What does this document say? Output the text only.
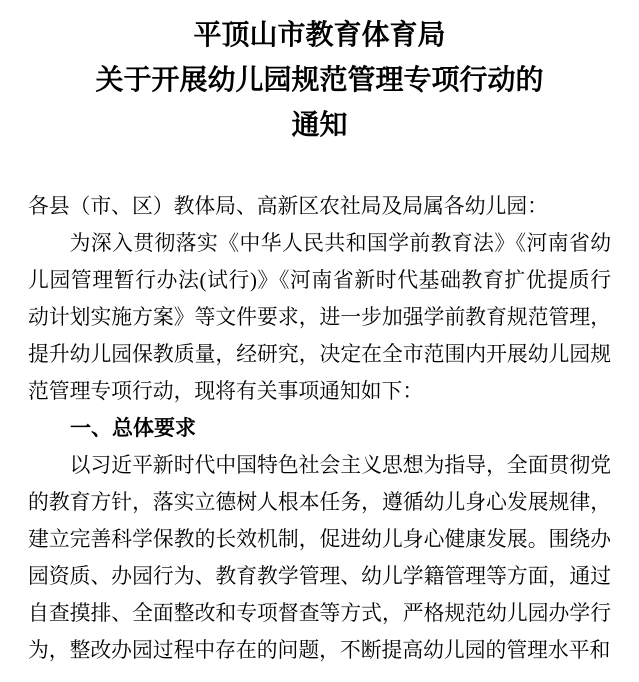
平顶山市教育体育局
关于开展幼儿园规范管理专项行动的
通知
各县（市、区）教体局、高新区农社局及局属各幼儿园：
为深入贯彻落实《中华人民共和国学前教育法》《河南省幼儿园管理暂行办法(试行)》《河南省新时代基础教育扩优提质行动计划实施方案》等文件要求，进一步加强学前教育规范管理，提升幼儿园保教质量，经研究，决定在全市范围内开展幼儿园规范管理专项行动，现将有关事项通知如下：
一、总体要求
以习近平新时代中国特色社会主义思想为指导，全面贯彻党的教育方针，落实立德树人根本任务，遵循幼儿身心发展规律，建立完善科学保教的长效机制，促进幼儿身心健康发展。围绕办园资质、办园行为、教育教学管理、幼儿学籍管理等方面，通过自查摸排、全面整改和专项督查等方式，严格规范幼儿园办学行为，整改办园过程中存在的问题，不断提高幼儿园的管理水平和
